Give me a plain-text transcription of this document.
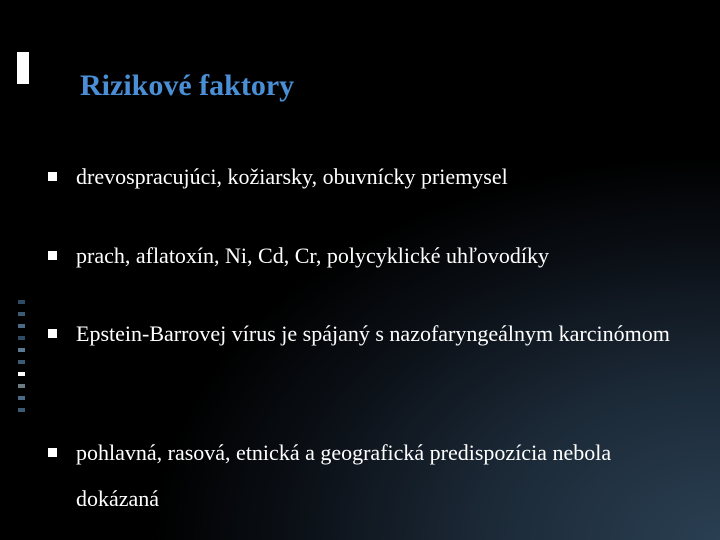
Rizikové faktory
drevospracujúci, kožiarsky, obuvnícky priemysel
prach, aflatoxín, Ni, Cd, Cr, polycyklické uhľovodíky
Epstein-Barrovej vírus je spájaný s nazofaryngeálnym karcinómom
pohlavná, rasová, etnická a geografická predispozícia nebola dokázaná
